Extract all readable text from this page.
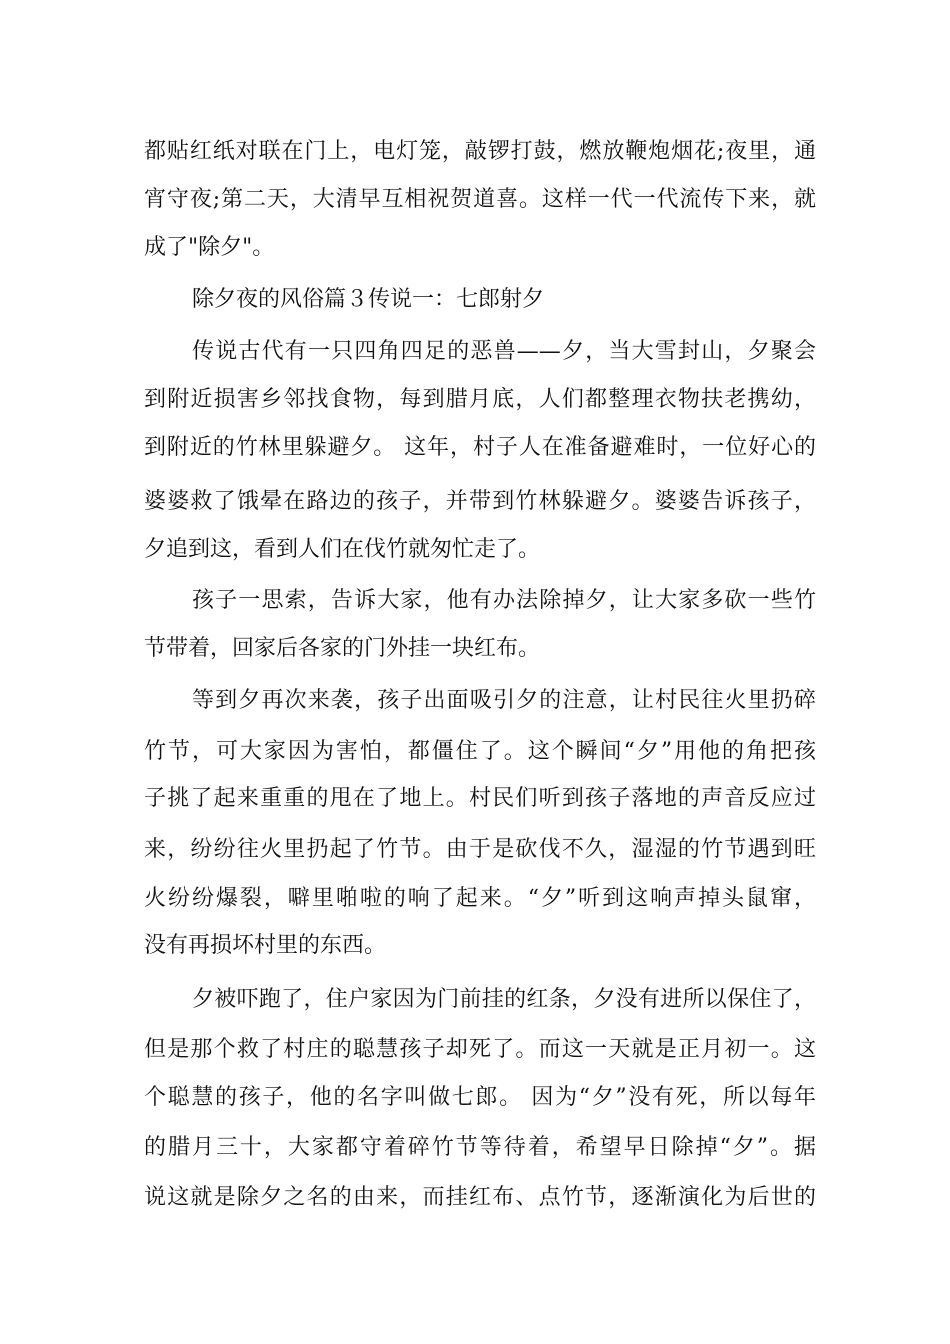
都贴红纸对联在门上，电灯笼，敲锣打鼓，燃放鞭炮烟花;夜里，通
宵守夜;第二天，大清早互相祝贺道喜。这样一代一代流传下来，就
成了"除夕"。
除夕夜的风俗篇３传说一：七郎射夕
传说古代有一只四角四足的恶兽——夕，当大雪封山，夕聚会
到附近损害乡邻找食物，每到腊月底，人们都整理衣物扶老携幼，
到附近的竹林里躲避夕。 这年，村子人在准备避难时，一位好心的
婆婆救了饿晕在路边的孩子，并带到竹林躲避夕。婆婆告诉孩子，
夕追到这，看到人们在伐竹就匆忙走了。
孩子一思索，告诉大家，他有办法除掉夕，让大家多砍一些竹
节带着，回家后各家的门外挂一块红布。
等到夕再次来袭，孩子出面吸引夕的注意，让村民往火里扔碎
竹节，可大家因为害怕，都僵住了。这个瞬间“夕”用他的角把孩
子挑了起来重重的甩在了地上。村民们听到孩子落地的声音反应过
来，纷纷往火里扔起了竹节。由于是砍伐不久，湿湿的竹节遇到旺
火纷纷爆裂，噼里啪啦的响了起来。“夕”听到这响声掉头鼠窜，
没有再损坏村里的东西。
夕被吓跑了，住户家因为门前挂的红条，夕没有进所以保住了，
但是那个救了村庄的聪慧孩子却死了。而这一天就是正月初一。这
个聪慧的孩子，他的名字叫做七郎。 因为“夕”没有死，所以每年
的腊月三十，大家都守着碎竹节等待着，希望早日除掉“夕”。据
说这就是除夕之名的由来，而挂红布、点竹节，逐渐演化为后世的
